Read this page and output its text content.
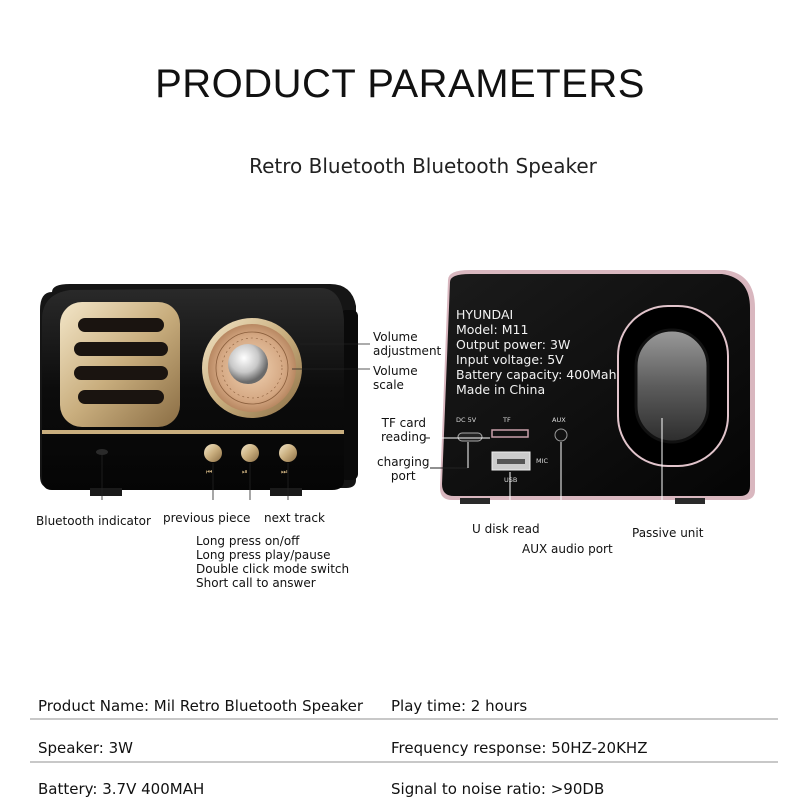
PRODUCT PARAMETERS
Retro Bluetooth Bluetooth Speaker
⏮	⏯	⏭
Volume
adjustment
Volume
scale
Bluetooth indicator previous piece next track
Long press on/off
Long press play/pause
Double click mode switch
Short call to answer
DC 5V	TF	AUX
MIC
USB
HYUNDAI
Model: M11
Output power: 3W
Input voltage: 5V
Battery capacity: 400Mah
Made in China
TF card
reading
charging
port
U disk read
AUX audio port
Passive unit
Product Name: Mil Retro Bluetooth Speaker Play time: 2 hours
Speaker: 3W	Frequency response: 50HZ-20KHZ
Battery: 3.7V 400MAH	Signal to noise ratio: >90DB
